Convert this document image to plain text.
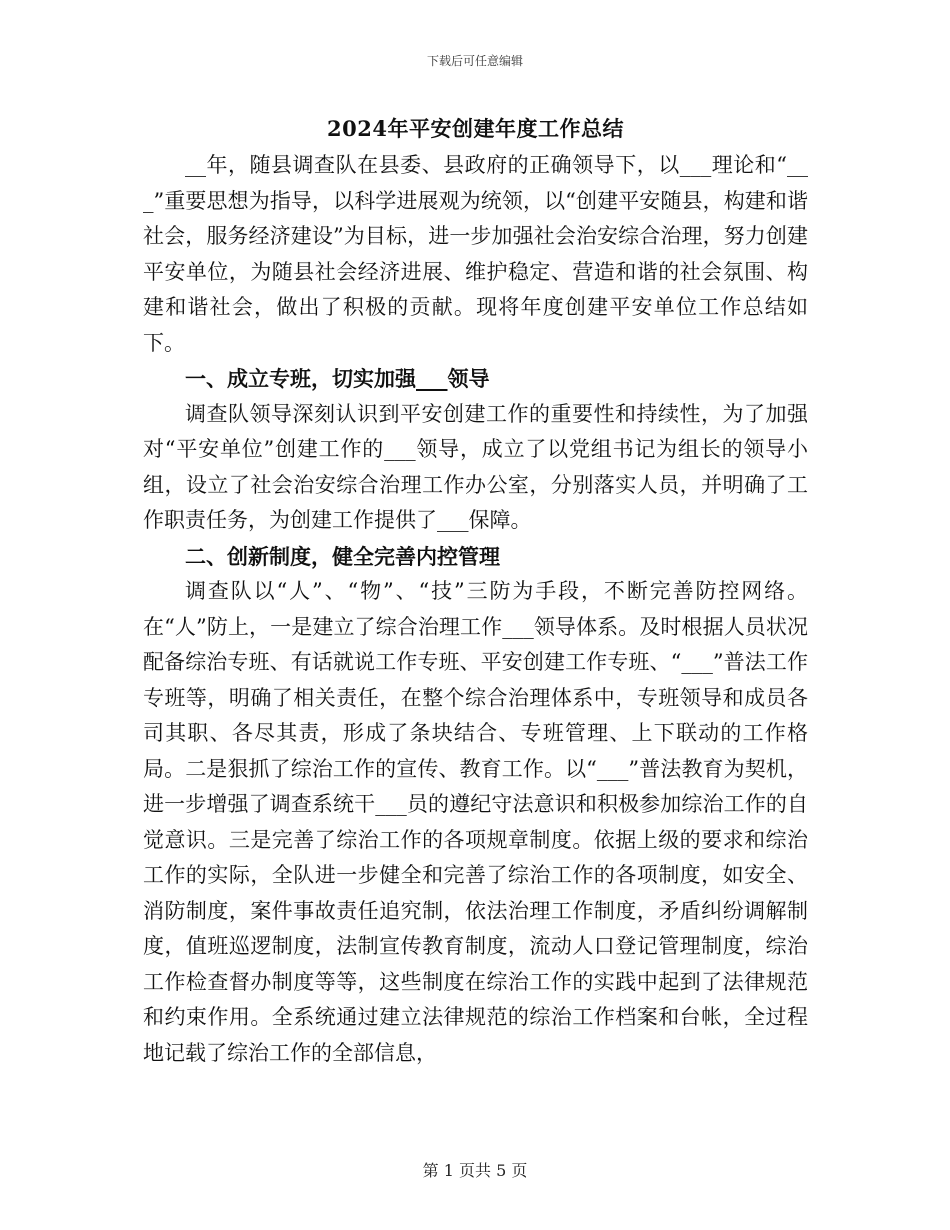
下载后可任意编辑
2024年平安创建年度工作总结

__年，随县调查队在县委、县政府的正确领导下，以___理论和“___”重要思想为指导，以科学进展观为统领，以“创建平安随县，构建和谐社会，服务经济建设”为目标，进一步加强社会治安综合治理，努力创建平安单位，为随县社会经济进展、维护稳定、营造和谐的社会氛围、构建和谐社会，做出了积极的贡献。现将年度创建平安单位工作总结如下。

一、成立专班，切实加强___领导

调查队领导深刻认识到平安创建工作的重要性和持续性，为了加强对“平安单位”创建工作的___领导，成立了以党组书记为组长的领导小组，设立了社会治安综合治理工作办公室，分别落实人员，并明确了工作职责任务，为创建工作提供了___保障。

二、创新制度，健全完善内控管理

调查队以“人”、“物”、“技”三防为手段，不断完善防控网络。在“人”防上，一是建立了综合治理工作___领导体系。及时根据人员状况配备综治专班、有话就说工作专班、平安创建工作专班、“___”普法工作专班等，明确了相关责任，在整个综合治理体系中，专班领导和成员各司其职、各尽其责，形成了条块结合、专班管理、上下联动的工作格局。二是狠抓了综治工作的宣传、教育工作。以“___”普法教育为契机，进一步增强了调查系统干___员的遵纪守法意识和积极参加综治工作的自觉意识。三是完善了综治工作的各项规章制度。依据上级的要求和综治工作的实际，全队进一步健全和完善了综治工作的各项制度，如安全、消防制度，案件事故责任追究制，依法治理工作制度，矛盾纠纷调解制度，值班巡逻制度，法制宣传教育制度，流动人口登记管理制度，综治工作检查督办制度等等，这些制度在综治工作的实践中起到了法律规范和约束作用。全系统通过建立法律规范的综治工作档案和台帐，全过程地记载了综治工作的全部信息，

第 1 页共 5 页
